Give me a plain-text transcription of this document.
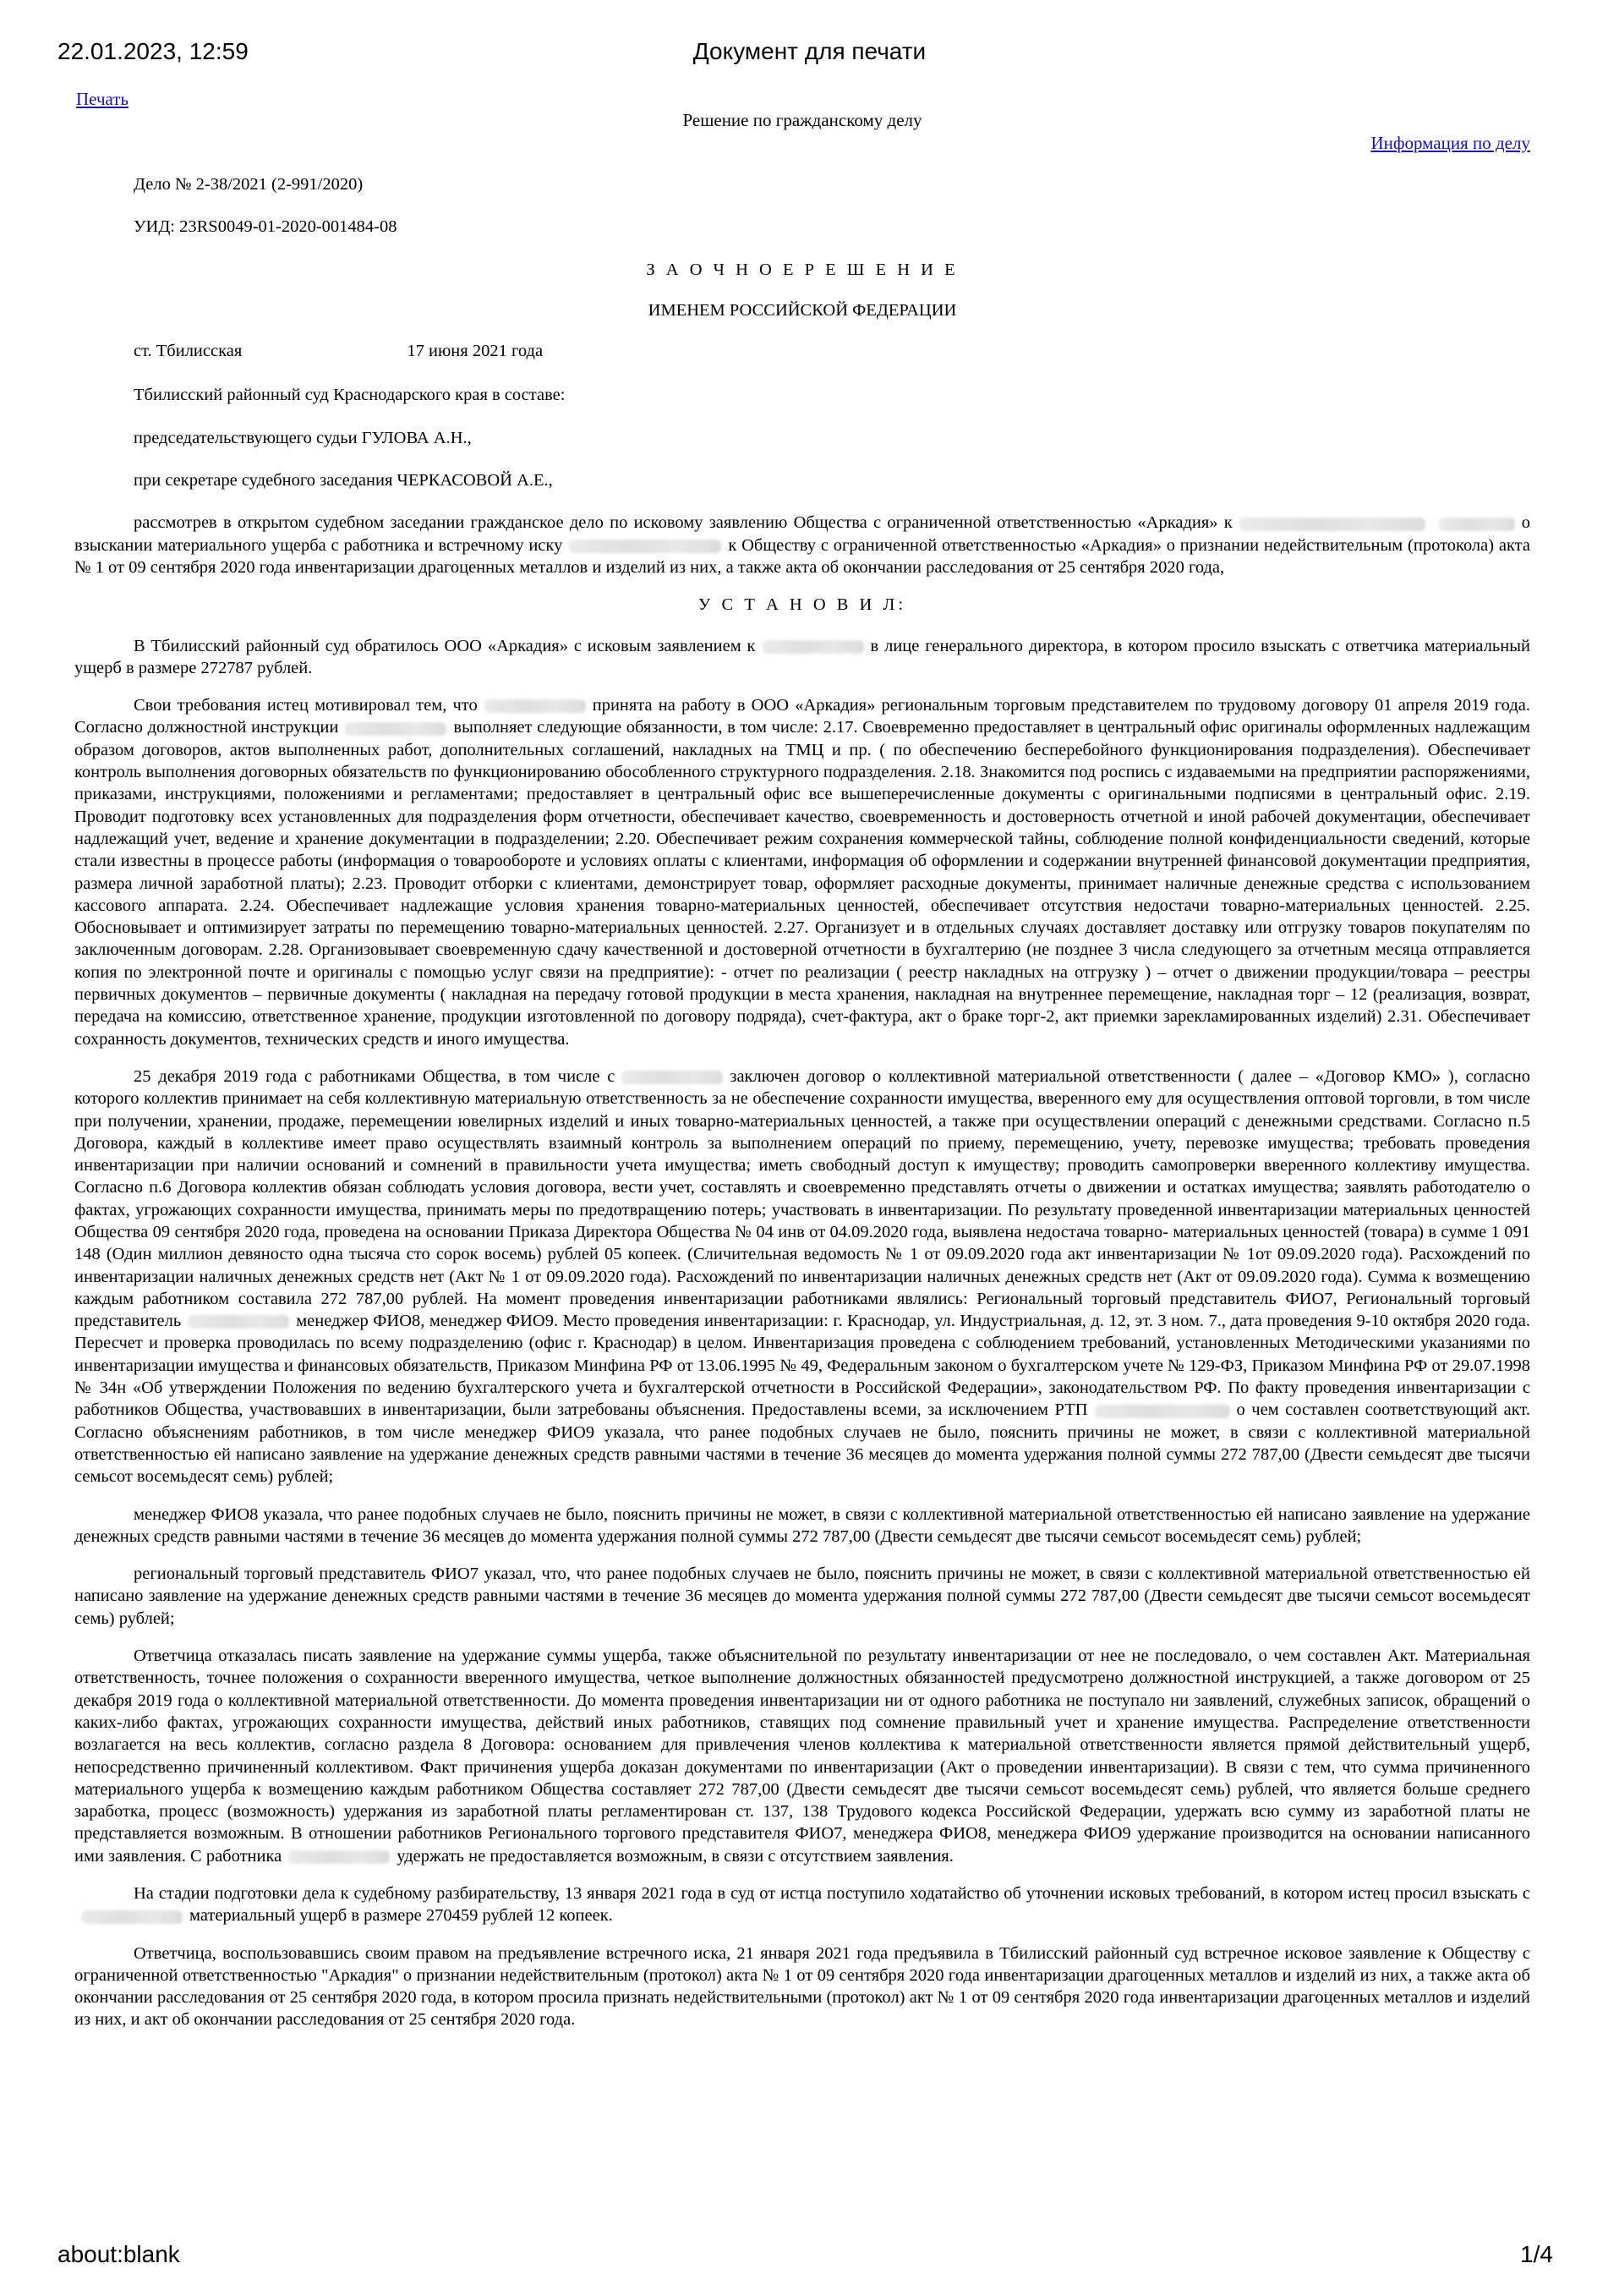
22.01.2023, 12:59	Документ для печати
Печать
Решение по гражданскому делу
Информация по делу
Дело № 2-38/2021 (2-991/2020)
УИД: 23RS0049-01-2020-001484-08
З А О Ч Н О Е Р Е Ш Е Н И Е
ИМЕНЕМ РОССИЙСКОЙ ФЕДЕРАЦИИ
ст. Тбилисская	17 июня 2021 года
Тбилисский районный суд Краснодарского края в составе:
председательствующего судьи ГУЛОВА А.Н.,
при секретаре судебного заседания ЧЕРКАСОВОЙ А.Е.,

рассмотрев в открытом судебном заседании гражданское дело по исковому заявлению Общества с ограниченной ответственностью «Аркадия» к	о взыскании материального ущерба с работника и встречному иску	к Обществу с ограниченной ответственностью «Аркадия» о признании недействительным (протокола) акта № 1 от 09 сентября 2020 года инвентаризации драгоценных металлов и изделий из них, а также акта об окончании расследования от 25 сентября 2020 года,

У С Т А Н О В И Л:

В Тбилисский районный суд обратилось ООО «Аркадия» с исковым заявлением к	в лице генерального директора, в котором просило взыскать с ответчика материальный ущерб в размере 272787 рублей.

Свои требования истец мотивировал тем, что	принята на работу в ООО «Аркадия» региональным торговым представителем по трудовому договору 01 апреля 2019 года. Согласно должностной инструкции	выполняет следующие обязанности, в том числе: 2.17. Своевременно предоставляет в центральный офис оригиналы оформленных надлежащим образом договоров, актов выполненных работ, дополнительных соглашений, накладных на ТМЦ и пр. ( по обеспечению бесперебойного функционирования подразделения). Обеспечивает контроль выполнения договорных обязательств по функционированию обособленного структурного подразделения. 2.18. Знакомится под роспись с издаваемыми на предприятии распоряжениями, приказами, инструкциями, положениями и регламентами; предоставляет в центральный офис все вышеперечисленные документы с оригинальными подписями в центральный офис. 2.19. Проводит подготовку всех установленных для подразделения форм отчетности, обеспечивает качество, своевременность и достоверность отчетной и иной рабочей документации, обеспечивает надлежащий учет, ведение и хранение документации в подразделении; 2.20. Обеспечивает режим сохранения коммерческой тайны, соблюдение полной конфиденциальности сведений, которые стали известны в процессе работы (информация о товарообороте и условиях оплаты с клиентами, информация об оформлении и содержании внутренней финансовой документации предприятия, размера личной заработной платы); 2.23. Проводит отборки с клиентами, демонстрирует товар, оформляет расходные документы, принимает наличные денежные средства с использованием кассового аппарата. 2.24. Обеспечивает надлежащие условия хранения товарно-материальных ценностей, обеспечивает отсутствия недостачи товарно-материальных ценностей. 2.25. Обосновывает и оптимизирует затраты по перемещению товарно-материальных ценностей. 2.27. Организует и в отдельных случаях доставляет доставку или отгрузку товаров покупателям по заключенным договорам. 2.28. Организовывает своевременную сдачу качественной и достоверной отчетности в бухгалтерию (не позднее 3 числа следующего за отчетным месяца отправляется копия по электронной почте и оригиналы с помощью услуг связи на предприятие): - отчет по реализации ( реестр накладных на отгрузку ) – отчет о движении продукции/товара – реестры первичных документов – первичные документы ( накладная на передачу готовой продукции в места хранения, накладная на внутреннее перемещение, накладная торг – 12 (реализация, возврат, передача на комиссию, ответственное хранение, продукции изготовленной по договору подряда), счет-фактура, акт о браке торг-2, акт приемки зарекламированных изделий) 2.31. Обеспечивает сохранность документов, технических средств и иного имущества.

25 декабря 2019 года с работниками Общества, в том числе с	заключен договор о коллективной материальной ответственности ( далее – «Договор КМО» ), согласно которого коллектив принимает на себя коллективную материальную ответственность за не обеспечение сохранности имущества, вверенного ему для осуществления оптовой торговли, в том числе при получении, хранении, продаже, перемещении ювелирных изделий и иных товарно-материальных ценностей, а также при осуществлении операций с денежными средствами. Согласно п.5 Договора, каждый в коллективе имеет право осуществлять взаимный контроль за выполнением операций по приему, перемещению, учету, перевозке имущества; требовать проведения инвентаризации при наличии оснований и сомнений в правильности учета имущества; иметь свободный доступ к имуществу; проводить самопроверки вверенного коллективу имущества. Согласно п.6 Договора коллектив обязан соблюдать условия договора, вести учет, составлять и своевременно представлять отчеты о движении и остатках имущества; заявлять работодателю о фактах, угрожающих сохранности имущества, принимать меры по предотвращению потерь; участвовать в инвентаризации. По результату проведенной инвентаризации материальных ценностей Общества 09 сентября 2020 года, проведена на основании Приказа Директора Общества № 04 инв от 04.09.2020 года, выявлена недостача товарно- материальных ценностей (товара) в сумме 1 091 148 (Один миллион девяносто одна тысяча сто сорок восемь) рублей 05 копеек. (Сличительная ведомость № 1 от 09.09.2020 года акт инвентаризации № 1от 09.09.2020 года). Расхождений по инвентаризации наличных денежных средств нет (Акт № 1 от 09.09.2020 года). Расхождений по инвентаризации наличных денежных средств нет (Акт от 09.09.2020 года). Сумма к возмещению каждым работником составила 272 787,00 рублей. На момент проведения инвентаризации работниками являлись: Региональный торговый представитель ФИО7, Региональный торговый представитель	менеджер ФИО8, менеджер ФИО9. Место проведения инвентаризации: г. Краснодар, ул. Индустриальная, д. 12, эт. 3 ном. 7., дата проведения 9-10 октября 2020 года. Пересчет и проверка проводилась по всему подразделению (офис г. Краснодар) в целом. Инвентаризация проведена с соблюдением требований, установленных Методическими указаниями по инвентаризации имущества и финансовых обязательств, Приказом Минфина РФ от 13.06.1995 № 49, Федеральным законом о бухгалтерском учете № 129-ФЗ, Приказом Минфина РФ от 29.07.1998 № 34н «Об утверждении Положения по ведению бухгалтерского учета и бухгалтерской отчетности в Российской Федерации», законодательством РФ. По факту проведения инвентаризации с работников Общества, участвовавших в инвентаризации, были затребованы объяснения. Предоставлены всеми, за исключением РТП	о чем составлен соответствующий акт. Согласно объяснениям работников, в том числе менеджер ФИО9 указала, что ранее подобных случаев не было, пояснить причины не может, в связи с коллективной материальной ответственностью ей написано заявление на удержание денежных средств равными частями в течение 36 месяцев до момента удержания полной суммы 272 787,00 (Двести семьдесят две тысячи семьсот восемьдесят семь) рублей;

менеджер ФИО8 указала, что ранее подобных случаев не было, пояснить причины не может, в связи с коллективной материальной ответственностью ей написано заявление на удержание денежных средств равными частями в течение 36 месяцев до момента удержания полной суммы 272 787,00 (Двести семьдесят две тысячи семьсот восемьдесят семь) рублей;

региональный торговый представитель ФИО7 указал, что, что ранее подобных случаев не было, пояснить причины не может, в связи с коллективной материальной ответственностью ей написано заявление на удержание денежных средств равными частями в течение 36 месяцев до момента удержания полной суммы 272 787,00 (Двести семьдесят две тысячи семьсот восемьдесят семь) рублей;

Ответчица отказалась писать заявление на удержание суммы ущерба, также объяснительной по результату инвентаризации от нее не последовало, о чем составлен Акт. Материальная ответственность, точнее положения о сохранности вверенного имущества, четкое выполнение должностных обязанностей предусмотрено должностной инструкцией, а также договором от 25 декабря 2019 года о коллективной материальной ответственности. До момента проведения инвентаризации ни от одного работника не поступало ни заявлений, служебных записок, обращений о каких-либо фактах, угрожающих сохранности имущества, действий иных работников, ставящих под сомнение правильный учет и хранение имущества. Распределение ответственности возлагается на весь коллектив, согласно раздела 8 Договора: основанием для привлечения членов коллектива к материальной ответственности является прямой действительный ущерб, непосредственно причиненный коллективом. Факт причинения ущерба доказан документами по инвентаризации (Акт о проведении инвентаризации). В связи с тем, что сумма причиненного материального ущерба к возмещению каждым работником Общества составляет 272 787,00 (Двести семьдесят две тысячи семьсот восемьдесят семь) рублей, что является больше среднего заработка, процесс (возможность) удержания из заработной платы регламентирован ст. 137, 138 Трудового кодекса Российской Федерации, удержать всю сумму из заработной платы не представляется возможным. В отношении работников Регионального торгового представителя ФИО7, менеджера ФИО8, менеджера ФИО9 удержание производится на основании написанного ими заявления. С работника	удержать не предоставляется возможным, в связи с отсутствием заявления.

На стадии подготовки дела к судебному разбирательству, 13 января 2021 года в суд от истца поступило ходатайство об уточнении исковых требований, в котором истец просил взыскать сматериальный ущерб в размере 270459 рублей 12 копеек.

Ответчица, воспользовавшись своим правом на предъявление встречного иска, 21 января 2021 года предъявила в Тбилисский районный суд встречное исковое заявление к Обществу с ограниченной ответственностью "Аркадия" о признании недействительным (протокол) акта № 1 от 09 сентября 2020 года инвентаризации драгоценных металлов и изделий из них, а также акта об окончании расследования от 25 сентября 2020 года, в котором просила признать недействительными (протокол) акт № 1 от 09 сентября 2020 года инвентаризации драгоценных металлов и изделий из них, и акт об окончании расследования от 25 сентября 2020 года.

about:blank	1/4
